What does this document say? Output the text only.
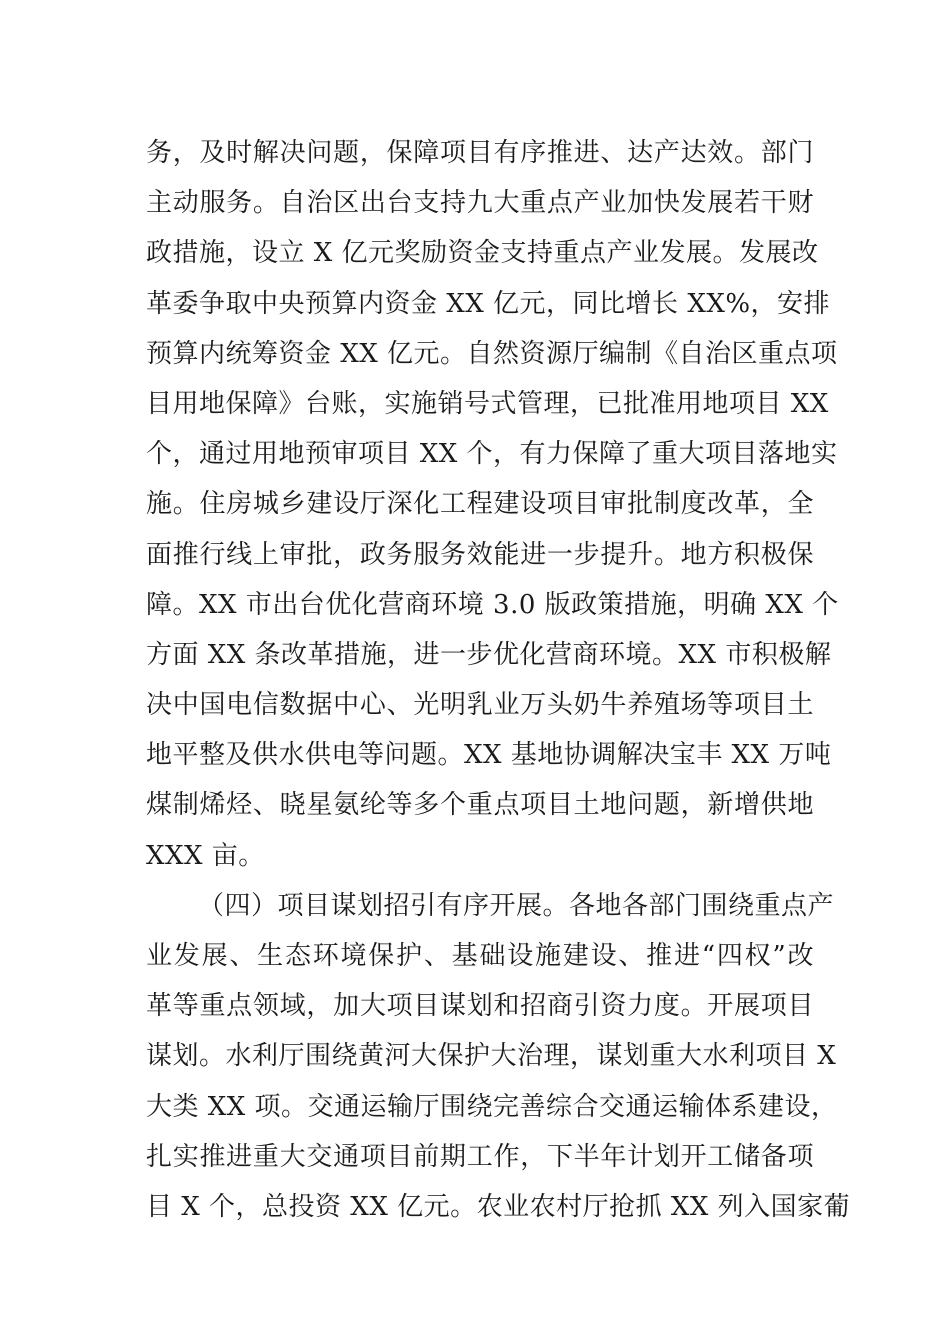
务，及时解决问题，保障项目有序推进、达产达效。部门
主动服务。自治区出台支持九大重点产业加快发展若干财
政措施，设立 X 亿元奖励资金支持重点产业发展。发展改
革委争取中央预算内资金 XX 亿元，同比增长 XX%，安排
预算内统筹资金 XX 亿元。自然资源厅编制《自治区重点项
目用地保障》台账，实施销号式管理，已批准用地项目 XX
个，通过用地预审项目 XX 个，有力保障了重大项目落地实
施。住房城乡建设厅深化工程建设项目审批制度改革，全
面推行线上审批，政务服务效能进一步提升。地方积极保
障。XX 市出台优化营商环境 3.0 版政策措施，明确 XX 个
方面 XX 条改革措施，进一步优化营商环境。XX 市积极解
决中国电信数据中心、光明乳业万头奶牛养殖场等项目土
地平整及供水供电等问题。XX 基地协调解决宝丰 XX 万吨
煤制烯烃、晓星氨纶等多个重点项目土地问题，新增供地
XXX 亩。
（四）项目谋划招引有序开展。各地各部门围绕重点产
业发展、生态环境保护、基础设施建设、推进“四权”改
革等重点领域，加大项目谋划和招商引资力度。开展项目
谋划。水利厅围绕黄河大保护大治理，谋划重大水利项目 X
大类 XX 项。交通运输厅围绕完善综合交通运输体系建设，
扎实推进重大交通项目前期工作，下半年计划开工储备项
目 X 个，总投资 XX 亿元。农业农村厅抢抓 XX 列入国家葡
